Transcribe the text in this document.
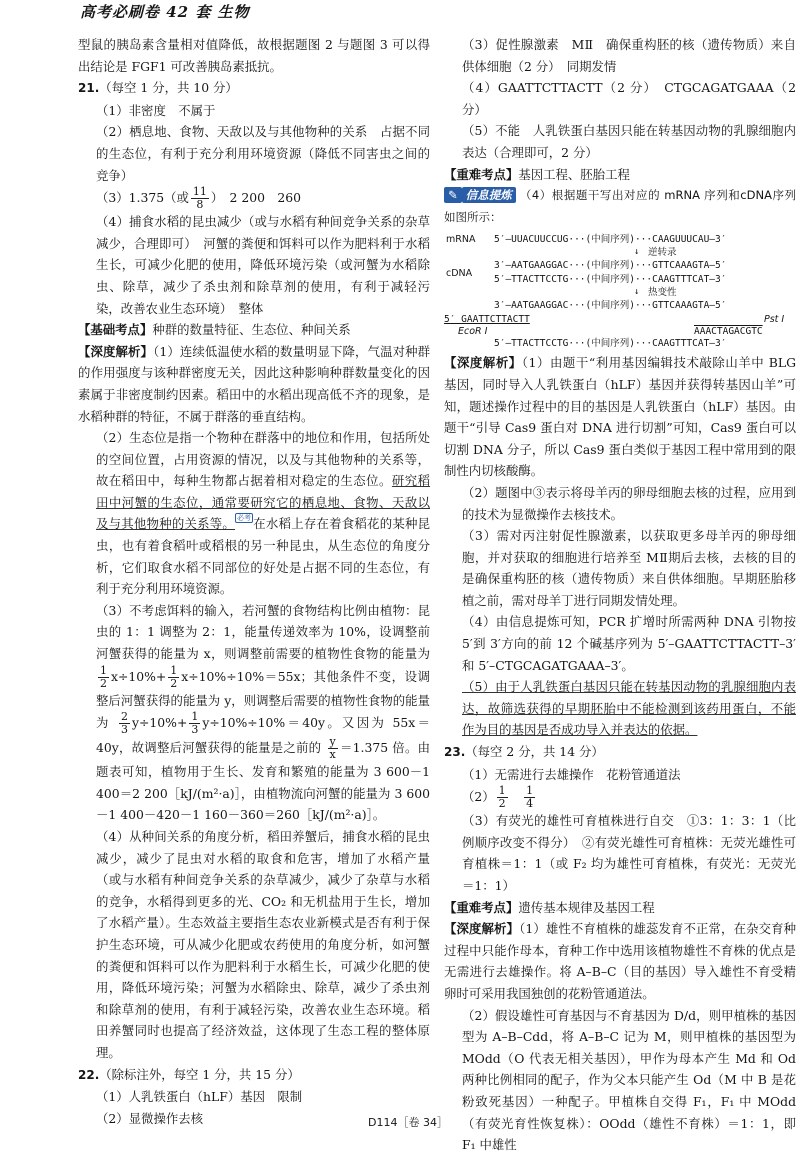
高考必刷卷 42 套 生物

型鼠的胰岛素含量相对值降低，故根据题图 2 与题图 3 可以得出结论是 FGF1 可改善胰岛素抵抗。

21.（每空 1 分，共 10 分）

（1）非密度　不属于

（2）栖息地、食物、天敌以及与其他物种的关系　占据不同的生态位，有利于充分利用环境资源（降低不同害虫之间的竞争）

（3）1.375（或 $\frac{11}{8}$ ）　2 200　260

（4）捕食水稻的昆虫减少（或与水稻有种间竞争关系的杂草减少，合理即可）　河蟹的粪便和饵料可以作为肥料利于水稻生长，可减少化肥的使用，降低环境污染（或河蟹为水稻除虫、除草，减少了杀虫剂和除草剂的使用，有利于减轻污染，改善农业生态环境）　整体

【基础考点】种群的数量特征、生态位、种间关系

【深度解析】（1）连续低温使水稻的数量明显下降，气温对种群的作用强度与该种群密度无关，因此这种影响种群数量变化的因素属于非密度制约因素。稻田中的水稻出现高低不齐的现象，是水稻种群的特征，不属于群落的垂直结构。

（2）生态位是指一个物种在群落中的地位和作用，包括所处的空间位置，占用资源的情况，以及与其他物种的关系等，故在稻田中，每种生物都占据着相对稳定的生态位。研究稻田中河蟹的生态位，通常要研究它的栖息地、食物、天敌以及与其他物种的关系等。 必考 在水稻上存在着食稻花的某种昆虫，也有着食稻叶或稻根的另一种昆虫，从生态位的角度分析，它们取食水稻不同部位的好处是占据不同的生态位，有利于充分利用环境资源。

（3）不考虑饵料的输入，若河蟹的食物结构比例由植物：昆虫的 1：1 调整为 2：1，能量传递效率为 10%，设调整前河蟹获得的能量为 x，则调整前需要的植物性食物的能量为
$\frac{1}{2} x\div 10\%+ \frac{1}{2} x\div 10\%\div 10\%=55x$；其他条件不变，设调整后河蟹获得的能量为 y，则调整后需要的植物性食物的能量为 $\frac{2}{3} y\div 10\%+ \frac{1}{3} y\div 10\%\div 10\%=40y$。又因为 55x＝40y，故调整后河蟹获得的能量是之前的 $\frac{y}{x} =1.375$ 倍。由题表可知，植物用于生长、发育和繁殖的能量为 3 600－1 400＝2 200［kJ/(m²·a)］，由植物流向河蟹的能量为 3 600－1 400－420－1 160－360＝260［kJ/(m²·a)］。

（4）从种间关系的角度分析，稻田养蟹后，捕食水稻的昆虫减少，减少了昆虫对水稻的取食和危害，增加了水稻产量（或与水稻有种间竞争关系的杂草减少，减少了杂草与水稻的竞争，水稻得到更多的光、CO₂ 和无机盐用于生长，增加了水稻产量）。生态效益主要指生态农业新模式是否有利于保护生态环境，可从减少化肥或农药使用的角度分析，如河蟹的粪便和饵料可以作为肥料利于水稻生长，可减少化肥的使用，降低环境污染；河蟹为水稻除虫、除草，减少了杀虫剂和除草剂的使用，有利于减轻污染，改善农业生态环境。稻田养蟹同时也提高了经济效益，这体现了生态工程的整体原理。

22.（除标注外，每空 1 分，共 15 分）

（1）人乳铁蛋白（hLF）基因　限制

（2）显微操作去核

（3）促性腺激素　MⅡ　确保重构胚的核（遗传物质）来自供体细胞（2 分）　同期发情

（4）GAATTCTTACTT（2 分）　CTGCAGATGAAA（2 分）

（5）不能　人乳铁蛋白基因只能在转基因动物的乳腺细胞内表达（合理即可，2 分）

【重难考点】基因工程、胚胎工程

✎ 信息提炼 （4）根据题干写出对应的 mRNA 序列和cDNA序列如图所示：

mRNA 5′–UUACUUCCUG···(中间序列)···CAAGUUUCAU–3′
↓ 逆转录
cDNA
3′–AATGAAGGAC···(中间序列)···GTTCAAAGTA–5′
5′–TTACTTCCTG···(中间序列)···CAAGTTTCAT–3′
↓ 热变性
3′–AATGAAGGAC···(中间序列)···GTTCAAAGTA–5′
5′ GAATTCTTACTT
EcoR Ⅰ
Pst Ⅰ
AAACTAGACGTC
5′–TTACTTCCTG···(中间序列)···CAAGTTTCAT–3′

【深度解析】（1）由题干“利用基因编辑技术敲除山羊中 BLG 基因，同时导入人乳铁蛋白（hLF）基因并获得转基因山羊”可知，题述操作过程中的目的基因是人乳铁蛋白（hLF）基因。由题干“引导 Cas9 蛋白对 DNA 进行切割”可知，Cas9 蛋白可以切割 DNA 分子，所以 Cas9 蛋白类似于基因工程中常用到的限制性内切核酸酶。

（2）题图中③表示将母羊丙的卵母细胞去核的过程，应用到的技术为显微操作去核技术。

（3）需对丙注射促性腺激素，以获取更多母羊丙的卵母细胞，并对获取的细胞进行培养至 MⅡ期后去核，去核的目的是确保重构胚的核（遗传物质）来自供体细胞。早期胚胎移植之前，需对母羊丁进行同期发情处理。

（4）由信息提炼可知，PCR 扩增时所需两种 DNA 引物按 5′到 3′方向的前 12 个碱基序列为 5′–GAATTCTTACTT–3′和 5′–CTGCAGATGAAA–3′。

（5）由于人乳铁蛋白基因只能在转基因动物的乳腺细胞内表达，故筛选获得的早期胚胎中不能检测到该药用蛋白，不能作为目的基因是否成功导入并表达的依据。

23.（每空 2 分，共 14 分）

（1）无需进行去雄操作　花粉管通道法

$(2) \frac{1}{2}$
　 $\frac{1}{4}$

（3）有荧光的雄性可育植株进行自交　①3：1：3：1（比例顺序改变不得分）　②有荧光雄性可育植株：无荧光雄性可育植株＝1：1（或 F₂ 均为雄性可育植株，有荧光：无荧光＝1：1）

【重难考点】遗传基本规律及基因工程

【深度解析】（1）雄性不育植株的雄蕊发育不正常，在杂交育种过程中只能作母本，育种工作中选用该植物雄性不育株的优点是无需进行去雄操作。将 A–B–C（目的基因）导入雄性不育受精卵时可采用我国独创的花粉管通道法。

（2）假设雄性可育基因与不育基因为 D/d，则甲植株的基因型为 A–B–Cdd，将 A–B–C 记为 M，则甲植株的基因型为 MOdd（O 代表无相关基因），甲作为母本产生 Md 和 Od 两种比例相同的配子，作为父本只能产生 Od（M 中 B 是花粉致死基因）一种配子。甲植株自交得 F₁，F₁ 中 MOdd（有荧光育性恢复株）：OOdd（雄性不育株）＝1：1，即 F₁ 中雄性

D114［卷 34］
